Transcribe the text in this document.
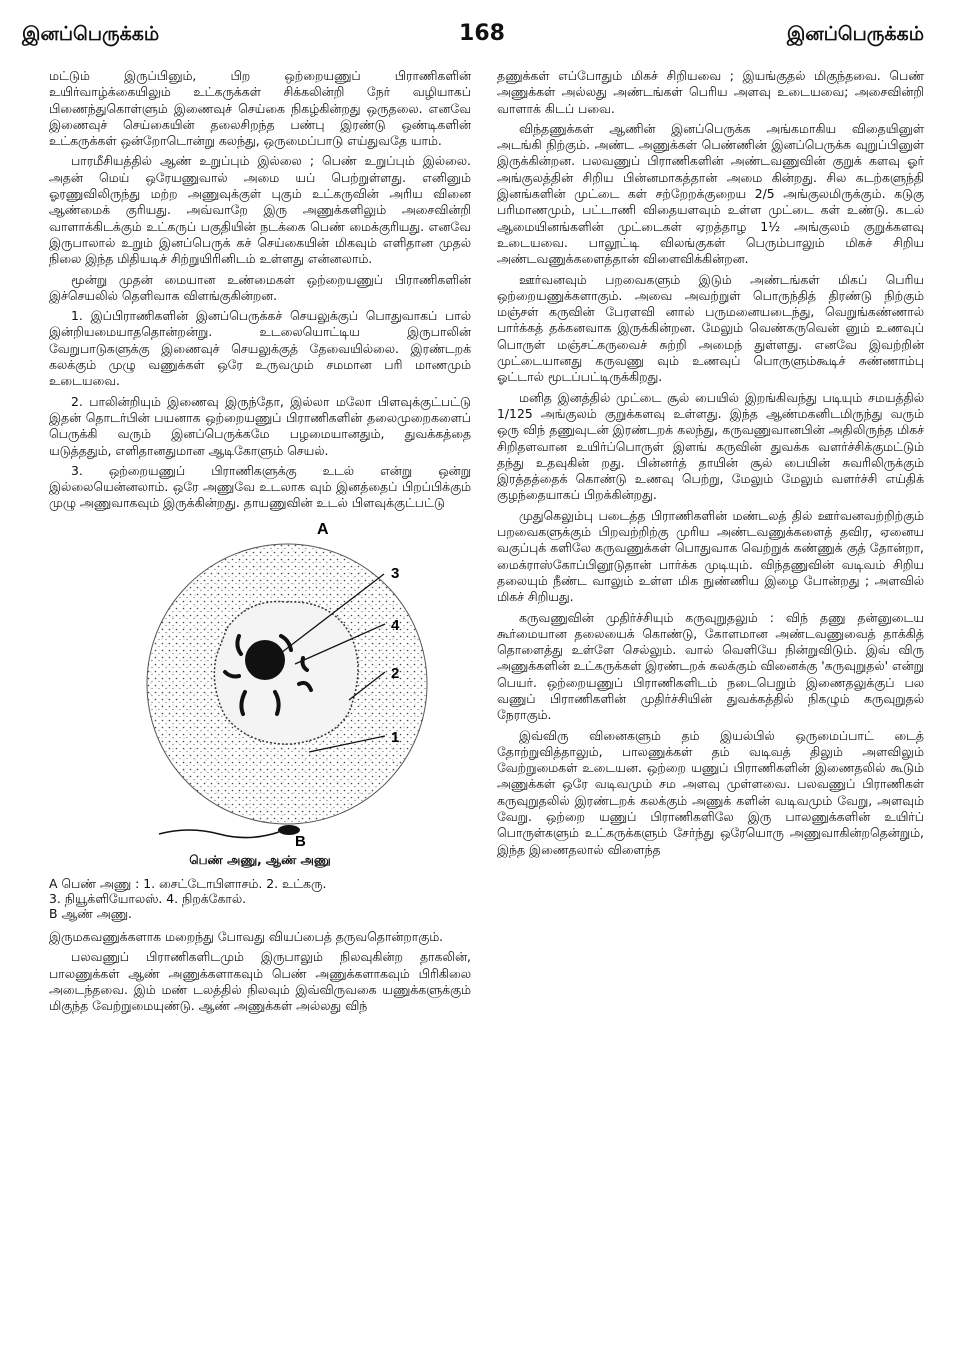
இனப்பெருக்கம்	168	இனப்பெருக்கம்

மட்டும் இருப்பினும், பிற ஒற்றையணுப் பிராணிகளின் உயிர்வாழ்க்கையிலும் உட்கருக்கள் சிக்கலின்றி நேர் வழியாகப் பிணைந்துகொள்ளும் இணைவுச் செய்கை நிகழ்கின்றது ஒருதலை. எனவே இணைவுச் செய்கையின் தலைசிறந்த பண்பு இரண்டு ஒண்டிகளின் உட்கருக்கள் ஒன்றோடொன்று கலந்து, ஒருமைப்பாடு எய்துவதே யாம்.

பாரமீசியத்தில் ஆண் உறுப்பும் இல்லை ; பெண் உறுப்பும் இல்லை. அதன் மெய் ஒரேயணுவால் அமை யப் பெற்றுள்ளது. எனினும் ஓரணுவிலிருந்து மற்ற அணுவுக்குள் புகும் உட்கருவின் அரிய வினை ஆண்மைக் குரியது. அவ்வாறே இரு அணுக்களிலும் அசைவின்றி வாளாக்கிடக்கும் உட்கருப் பகுதியின் நடக்கை பெண் மைக்குரியது. எனவே இருபாலால் உறும் இனப்பெருக் கச் செய்கையின் மிகவும் எளிதான முதல் நிலை இந்த மிதியடிச் சிற்றுயிரினிடம் உள்ளது என்னலாம்.

மூன்று முதன் மையான உண்மைகள் ஒற்றையணுப் பிராணிகளின் இச்செயலில் தெளிவாக விளங்குகின்றன.

1. இப்பிராணிகளின் இனப்பெருக்கச் செயலுக்குப் பொதுவாகப் பால் இன்றியமையாததொன்றன்று. உடலையொட்டிய இருபாலின் வேறுபாடுகளுக்கு இணைவுச் செயலுக்குத் தேவையில்லை. இரண்டறக் கலக்கும் முழு வணுக்கள் ஒரே உருவமும் சமமான பரி மாணமும் உடையவை.

2. பாலின்றியும் இணைவு இருந்தோ, இல்லா மலோ பிளவுக்குட்பட்டு இதன் தொடர்பின் பயனாக ஒற்றையணுப் பிராணிகளின் தலைமுறைகளைப் பெருக்கி வரும் இனப்பெருக்கமே பழமையானதும், துவக்கத்தை யடுத்ததும், எளிதானதுமான ஆடிகோளும் செயல்.

3. ஒற்றையணுப் பிராணிகளுக்கு உடல் என்று ஒன்று இல்லையென்னலாம். ஒரே அணுவே உடலாக வும் இனத்தைப் பிறப்பிக்கும் முழு அணுவாகவும் இருக்கின்றது. தாயணுவின் உடல் பிளவுக்குட்பட்டு

A
3
4
2
1
B
பெண் அணு, ஆண் அணு
A பெண் அணு : 1. சைட்டோபிளாசம். 2. உட்கரு.
3. நியூக்ளியோலஸ். 4. நிறக்கோல்.
B ஆண் அணு.

இருமகவணுக்களாக மறைந்து போவது வியப்பைத் தருவதொன்றாகும்.

பலவணுப் பிராணிகளிடமும் இருபாலும் நிலவுகின்ற தாகலின், பாலணுக்கள் ஆண் அணுக்களாகவும் பெண் அணுக்களாகவும் பிரிகிலை அடைந்தவை. இம் மண் டலத்தில் நிலவும் இவ்விருவகை யணுக்களுக்கும் மிகுந்த வேற்றுமையுண்டு. ஆண் அணுக்கள் அல்லது விந்

தணுக்கள் எப்போதும் மிகச் சிறியவை ; இயங்குதல் மிகுந்தவை. பெண் அணுக்கள் அல்லது அண்டங்கள் பெரிய அளவு உடையவை; அசைவின்றி வாளாக் கிடப் பவை.

விந்தணுக்கள் ஆணின் இனப்பெருக்க அங்கமாகிய விதையினுள் அடங்கி நிற்கும். அண்ட அணுக்கள் பெண்ணின் இனப்பெருக்க வுறுப்பினுள் இருக்கின்றன. பலவணுப் பிராணிகளின் அண்டவணுவின் குறுக் களவு ஓர் அங்குலத்தின் சிறிய பின்னமாகத்தான் அமை கின்றது. சில கடற்களுந்தி இனங்களின் முட்டை கள் சற்றேறக்குறைய 2/5 அங்குலமிருக்கும். கடுகு பரிமாணமும், பட்டாணி விதையளவும் உள்ள முட்டை கள் உண்டு. கடல் ஆமையினங்களின் முட்டைகள் ஏறத்தாழ 1½ அங்குலம் குறுக்களவு உடையவை. பாலூட்டி விலங்குகள் பெரும்பாலும் மிகச் சிறிய அண்டவணுக்களைத்தான் விளைவிக்கின்றன.

ஊர்வனவும் பறவைகளும் இடும் அண்டங்கள் மிகப் பெரிய ஒற்றையணுக்களாகும். அவை அவற்றுள் பொருந்தித் திரண்டு நிற்கும் மஞ்சள் கருவின் பேரளவி னால் பருமனையடைந்து, வெறுங்கண்ணால் பார்க்கத் தக்கனவாக இருக்கின்றன. மேலும் வெண்கருவென் னும் உணவுப் பொருள் மஞ்சட்கருவைச் சுற்றி அமைந் துள்ளது. எனவே இவற்றின் முட்டையானது கருவணு வும் உணவுப் பொருளும்கூடிச் சுண்ணாம்பு ஓட்டால் மூடப்பட்டிருக்கிறது.

மனித இனத்தில் முட்டை சூல் பையில் இறங்கிவந்து படியும் சமயத்தில் 1/125 அங்குலம் குறுக்களவு உள்ளது. இந்த ஆண்மகனிடமிருந்து வரும் ஒரு விந் தணுவுடன் இரண்டறக் கலந்து, கருவணுவானபின் அதிலிருந்த மிகச் சிறிதளவான உயிர்ப்பொருள் இளங் கருவின் துவக்க வளர்ச்சிக்குமட்டும் தந்து உதவுகின் றது. பின்னர்த் தாயின் சூல் பையின் சுவரிலிருக்கும் இரத்தத்தைக் கொண்டு உணவு பெற்று, மேலும் மேலும் வளர்ச்சி எய்திக் குழந்தையாகப் பிறக்கின்றது.

முதுகெலும்பு படைத்த பிராணிகளின் மண்டலத் தில் ஊர்வனவற்றிற்கும் பறவைகளுக்கும் பிறவற்றிற்கு முரிய அண்டவணுக்களைத் தவிர, ஏனைய வகுப்புக் களிலே கருவணுக்கள் பொதுவாக வெற்றுக் கண்ணுக் குத் தோன்றா, மைக்ராஸ்கோப்பினூடுதான் பார்க்க முடியும். விந்தணுவின் வடிவம் சிறிய தலையும் நீண்ட வாலும் உள்ள மிக நுண்ணிய இழை போன்றது ; அளவில் மிகச் சிறியது.

கருவணுவின் முதிர்ச்சியும் கருவுறுதலும் : விந் தணு தன்னுடைய கூர்மையான தலையைக் கொண்டு, கோளமான அண்டவணுவைத் தாக்கித் தொளைத்து உள்ளே செல்லும். வால் வெளியே நின்றுவிடும். இவ் விரு அணுக்களின் உட்கருக்கள் இரண்டறக் கலக்கும் வினைக்கு 'கருவுறுதல்' என்று பெயர். ஒற்றையணுப் பிராணிகளிடம் நடைபெறும் இணைதலுக்குப் பல வணுப் பிராணிகளின் முதிர்ச்சியின் துவக்கத்தில் நிகழும் கருவுறுதல் நேராகும்.

இவ்விரு வினைகளும் தம் இயல்பில் ஒருமைப்பாட் டைத் தோற்றுவித்தாலும், பாலணுக்கள் தம் வடிவத் திலும் அளவிலும் வேற்றுமைகள் உடையன. ஒற்றை யணுப் பிராணிகளின் இணைதலில் கூடும் அணுக்கள் ஒரே வடிவமும் சம அளவு முள்ளவை. பலவணுப் பிராணிகள் கருவுறுதலில் இரண்டறக் கலக்கும் அணுக் களின் வடிவமும் வேறு, அளவும் வேறு. ஒற்றை யணுப் பிராணிகளிலே இரு பாலணுக்களின் உயிர்ப் பொருள்களும் உட்கருக்களும் சேர்ந்து ஒரேயொரு அணுவாகின்றதென்றும், இந்த இணைதலால் விளைந்த
